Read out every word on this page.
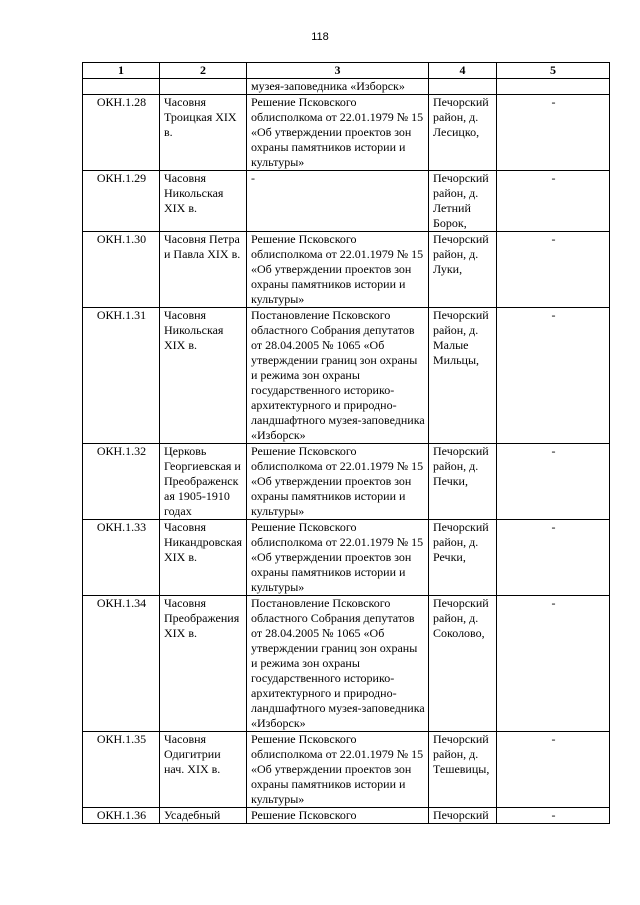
118
1	2	3	4	5
		музея-заповедника «Изборск»		
ОКН.1.28	Часовня Троицкая XIX в.	Решение Псковского облисполкома от 22.01.1979 № 15 «Об утверждении проектов зон охраны памятников истории и культуры»	Печорский район, д. Лесицко,	-
ОКН.1.29	Часовня Никольская XIX в.	-	Печорский район, д. Летний Борок,	-
ОКН.1.30	Часовня Петра и Павла XIX в.	Решение Псковского облисполкома от 22.01.1979 № 15 «Об утверждении проектов зон охраны памятников истории и культуры»	Печорский район, д. Луки,	-
ОКН.1.31	Часовня Никольская XIX в.	Постановление Псковского областного Собрания депутатов от 28.04.2005 № 1065 «Об утверждении границ зон охраны и режима зон охраны государственного историко-архитектурного и природно-ландшафтного музея-заповедника «Изборск»	Печорский район, д. Малые Мильцы,	-
ОКН.1.32	Церковь Георгиевская и Преображенская 1905-1910 годах	Решение Псковского облисполкома от 22.01.1979 № 15 «Об утверждении проектов зон охраны памятников истории и культуры»	Печорский район, д. Печки,	-
ОКН.1.33	Часовня Никандровская XIX в.	Решение Псковского облисполкома от 22.01.1979 № 15 «Об утверждении проектов зон охраны памятников истории и культуры»	Печорский район, д. Речки,	-
ОКН.1.34	Часовня Преображения XIX в.	Постановление Псковского областного Собрания депутатов от 28.04.2005 № 1065 «Об утверждении границ зон охраны и режима зон охраны государственного историко-архитектурного и природно-ландшафтного музея-заповедника «Изборск»	Печорский район, д. Соколово,	-
ОКН.1.35	Часовня Одигитрии нач. XIX в.	Решение Псковского облисполкома от 22.01.1979 № 15 «Об утверждении проектов зон охраны памятников истории и культуры»	Печорский район, д. Тешевицы,	-
ОКН.1.36	Усадебный	Решение Псковского	Печорский	-
